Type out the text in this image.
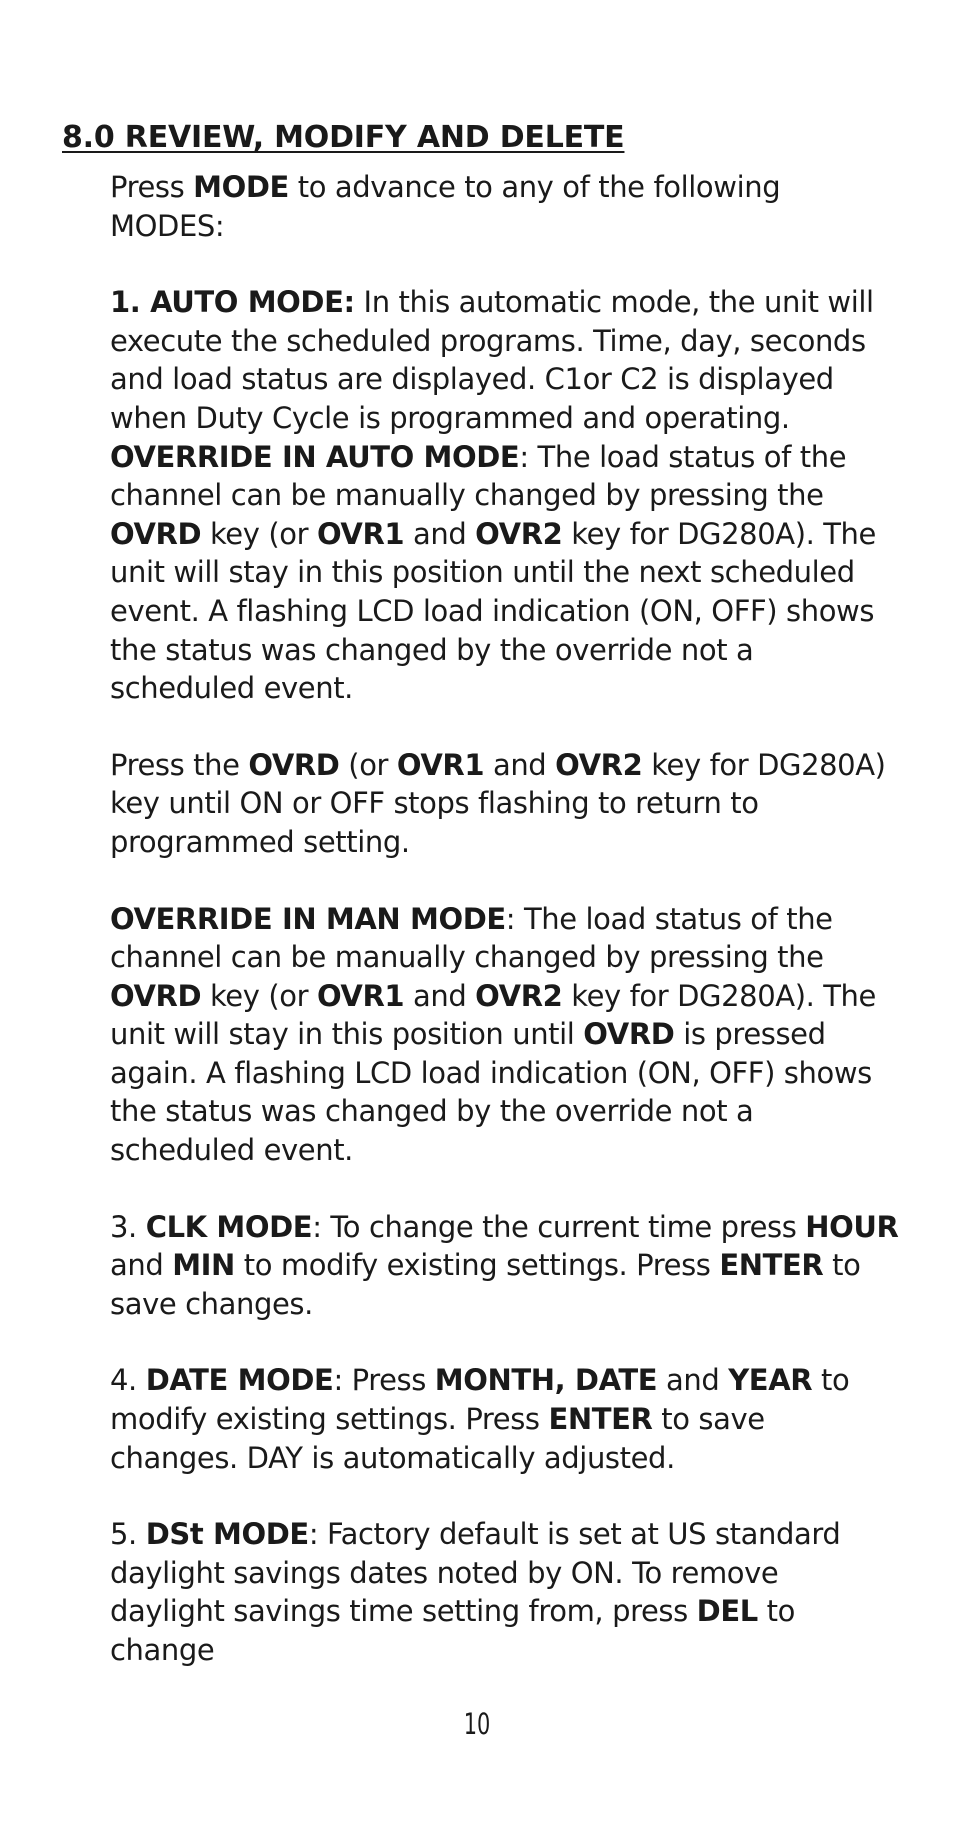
8.0 REVIEW, MODIFY AND DELETE

Press MODE to advance to any of the following MODES:

1. AUTO MODE: In this automatic mode, the unit will execute the scheduled programs. Time, day, seconds and load status are displayed. C1or C2 is displayed when Duty Cycle is programmed and operating. OVERRIDE IN AUTO MODE: The load status of the channel can be manually changed by pressing the OVRD key (or OVR1 and OVR2 key for DG280A). The unit will stay in this position until the next scheduled event. A flashing LCD load indication (ON, OFF) shows the status was changed by the override not a scheduled event.

Press the OVRD (or OVR1 and OVR2 key for DG280A) key until ON or OFF stops flashing to return to programmed setting.

OVERRIDE IN MAN MODE: The load status of the channel can be manually changed by pressing the OVRD key (or OVR1 and OVR2 key for DG280A). The unit will stay in this position until OVRD is pressed again. A flashing LCD load indication (ON, OFF) shows the status was changed by the override not a scheduled event.

3. CLK MODE: To change the current time press HOUR and MIN to modify existing settings. Press ENTER to save changes.

4. DATE MODE: Press MONTH, DATE and YEAR to modify existing settings. Press ENTER to save changes. DAY is automatically adjusted.

5. DSt MODE: Factory default is set at US standard daylight savings dates noted by ON. To remove daylight savings time setting from, press DEL to change

10
